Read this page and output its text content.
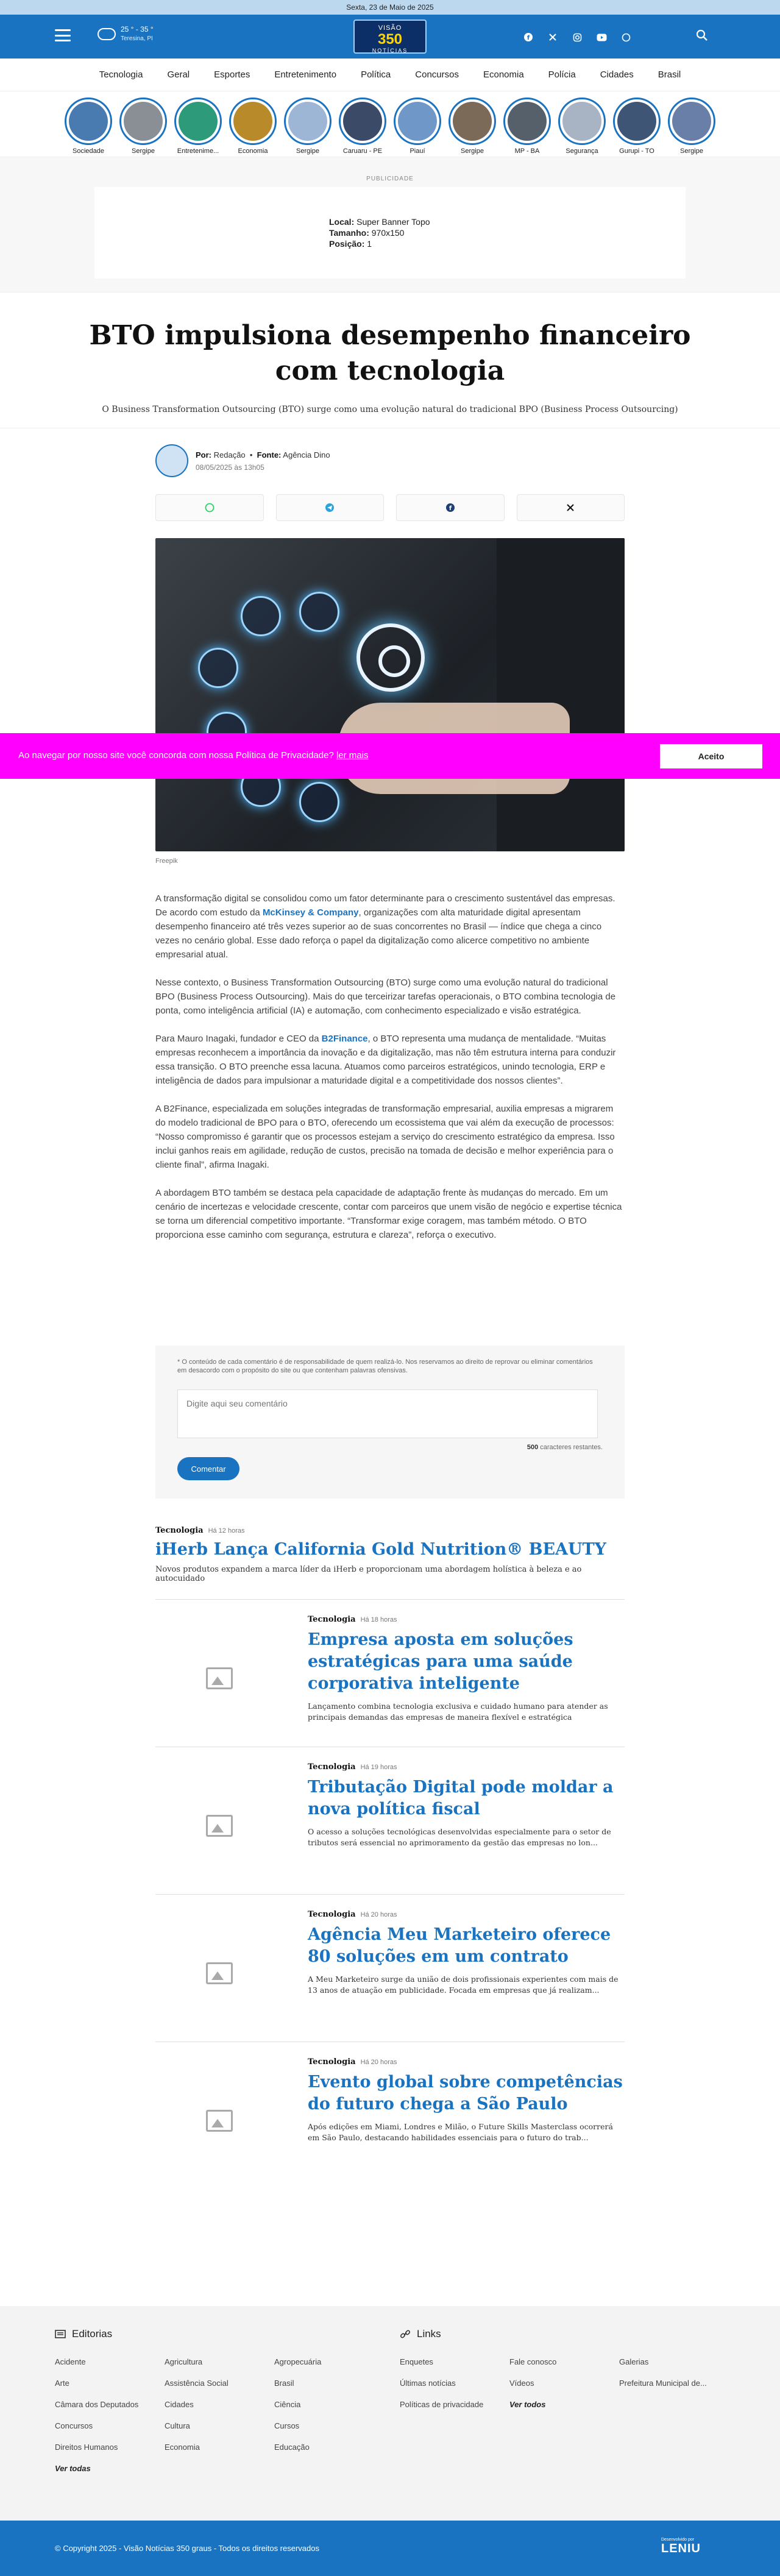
Sexta, 23 de Maio de 2025
25 ° - 35 °
Teresina, PI
VISÃO
350
NOTÍCIAS
f
Tecnologia	Geral	Esportes	Entretenimento	Política	Concursos	Economia	Polícia	Cidades	Brasil
Sociedade	Sergipe	Entretenime...	Economia	Sergipe	Caruaru - PE	Piauí	Sergipe	MP - BA	Segurança	Gurupi - TO	Sergipe
PUBLICIDADE
Local: Super Banner Topo
Tamanho: 970x150
Posição: 1
BTO impulsiona desempenho financeiro com tecnologia
O Business Transformation Outsourcing (BTO) surge como uma evolução natural do tradicional BPO (Business Process Outsourcing)
Por: Redação  •  Fonte: Agência Dino
08/05/2025 às 13h05
f
Freepik

A transformação digital se consolidou como um fator determinante para o crescimento sustentável das empresas. De acordo com estudo da McKinsey & Company, organizações com alta maturidade digital apresentam desempenho financeiro até três vezes superior ao de suas concorrentes no Brasil — índice que chega a cinco vezes no cenário global. Esse dado reforça o papel da digitalização como alicerce competitivo no ambiente empresarial atual.

Nesse contexto, o Business Transformation Outsourcing (BTO) surge como uma evolução natural do tradicional BPO (Business Process Outsourcing). Mais do que terceirizar tarefas operacionais, o BTO combina tecnologia de ponta, como inteligência artificial (IA) e automação, com conhecimento especializado e visão estratégica.

Para Mauro Inagaki, fundador e CEO da B2Finance, o BTO representa uma mudança de mentalidade. “Muitas empresas reconhecem a importância da inovação e da digitalização, mas não têm estrutura interna para conduzir essa transição. O BTO preenche essa lacuna. Atuamos como parceiros estratégicos, unindo tecnologia, ERP e inteligência de dados para impulsionar a maturidade digital e a competitividade dos nossos clientes”.

A B2Finance, especializada em soluções integradas de transformação empresarial, auxilia empresas a migrarem do modelo tradicional de BPO para o BTO, oferecendo um ecossistema que vai além da execução de processos: “Nosso compromisso é garantir que os processos estejam a serviço do crescimento estratégico da empresa. Isso inclui ganhos reais em agilidade, redução de custos, precisão na tomada de decisão e melhor experiência para o cliente final”, afirma Inagaki.

A abordagem BTO também se destaca pela capacidade de adaptação frente às mudanças do mercado. Em um cenário de incertezas e velocidade crescente, contar com parceiros que unem visão de negócio e expertise técnica se torna um diferencial competitivo importante. “Transformar exige coragem, mas também método. O BTO proporciona esse caminho com segurança, estrutura e clareza”, reforça o executivo.

* O conteúdo de cada comentário é de responsabilidade de quem realizá-lo. Nos reservamos ao direito de reprovar ou eliminar comentários em desacordo com o propósito do site ou que contenham palavras ofensivas.
Digite aqui seu comentário
500 caracteres restantes.
Comentar
Tecnologia Há 12 horas
iHerb Lança California Gold Nutrition® BEAUTY
Novos produtos expandem a marca líder da iHerb e proporcionam uma abordagem holística à beleza e ao autocuidado
Tecnologia Há 18 horas
Empresa aposta em soluções estratégicas para uma saúde corporativa inteligente
Lançamento combina tecnologia exclusiva e cuidado humano para atender as principais demandas das empresas de maneira flexível e estratégica
Tecnologia Há 19 horas
Tributação Digital pode moldar a nova política fiscal
O acesso a soluções tecnológicas desenvolvidas especialmente para o setor de tributos será essencial no aprimoramento da gestão das empresas no lon...
Tecnologia Há 20 horas
Agência Meu Marketeiro oferece 80 soluções em um contrato
A Meu Marketeiro surge da união de dois profissionais experientes com mais de 13 anos de atuação em publicidade. Focada em empresas que já realizam...
Tecnologia Há 20 horas
Evento global sobre competências do futuro chega a São Paulo
Após edições em Miami, Londres e Milão, o Future Skills Masterclass ocorrerá em São Paulo, destacando habilidades essenciais para o futuro do trab...
Ao navegar por nosso site você concorda com nossa Política de Privacidade? ler mais	Aceito
Editorias
Acidente	Agricultura	Agropecuária
Arte	Assistência Social	Brasil
Câmara dos Deputados	Cidades	Ciência
Concursos	Cultura	Cursos
Direitos Humanos	Economia	Educação
Ver todas
Links
Enquetes	Fale conosco	Galerias
Últimas notícias	Vídeos	Prefeitura Municipal de...
Políticas de privacidade	Ver todos
© Copyright 2025 - Visão Notícias 350 graus - Todos os direitos reservados
Desenvolvido por
LENIU
